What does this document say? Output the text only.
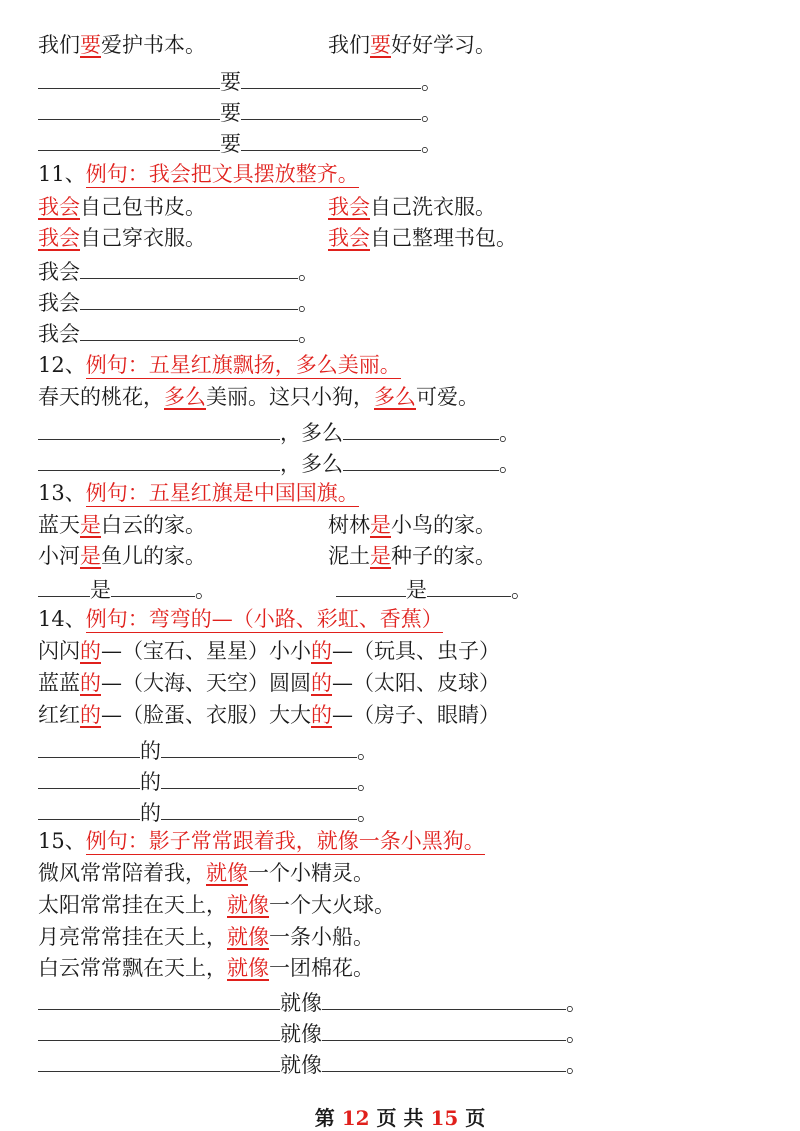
我们要爱护书本。	我们要好好学习。
要	。
要	。
要	。
11、例句：我会把文具摆放整齐。
我会自己包书皮。	我会自己洗衣服。
我会自己穿衣服。	我会自己整理书包。
我会	。
我会	。
我会	。
12、例句：五星红旗飘扬，多么美丽。
春天的桃花，多么美丽。这只小狗，多么可爱。
，多么	。
，多么	。
13、例句：五星红旗是中国国旗。
蓝天是白云的家。	树林是小鸟的家。
小河是鱼儿的家。	泥土是种子的家。
是	。	是	。
14、例句：弯弯的—（小路、彩虹、香蕉）
闪闪的—（宝石、星星）小小的—（玩具、虫子）
蓝蓝的—（大海、天空）圆圆的—（太阳、皮球）
红红的—（脸蛋、衣服）大大的—（房子、眼睛）
的	。
的	。
的	。
15、例句：影子常常跟着我，就像一条小黑狗。
微风常常陪着我，就像一个小精灵。
太阳常常挂在天上，就像一个大火球。
月亮常常挂在天上，就像一条小船。
白云常常飘在天上，就像一团棉花。
就像	。
就像	。
就像	。
第 12 页 共 15 页
